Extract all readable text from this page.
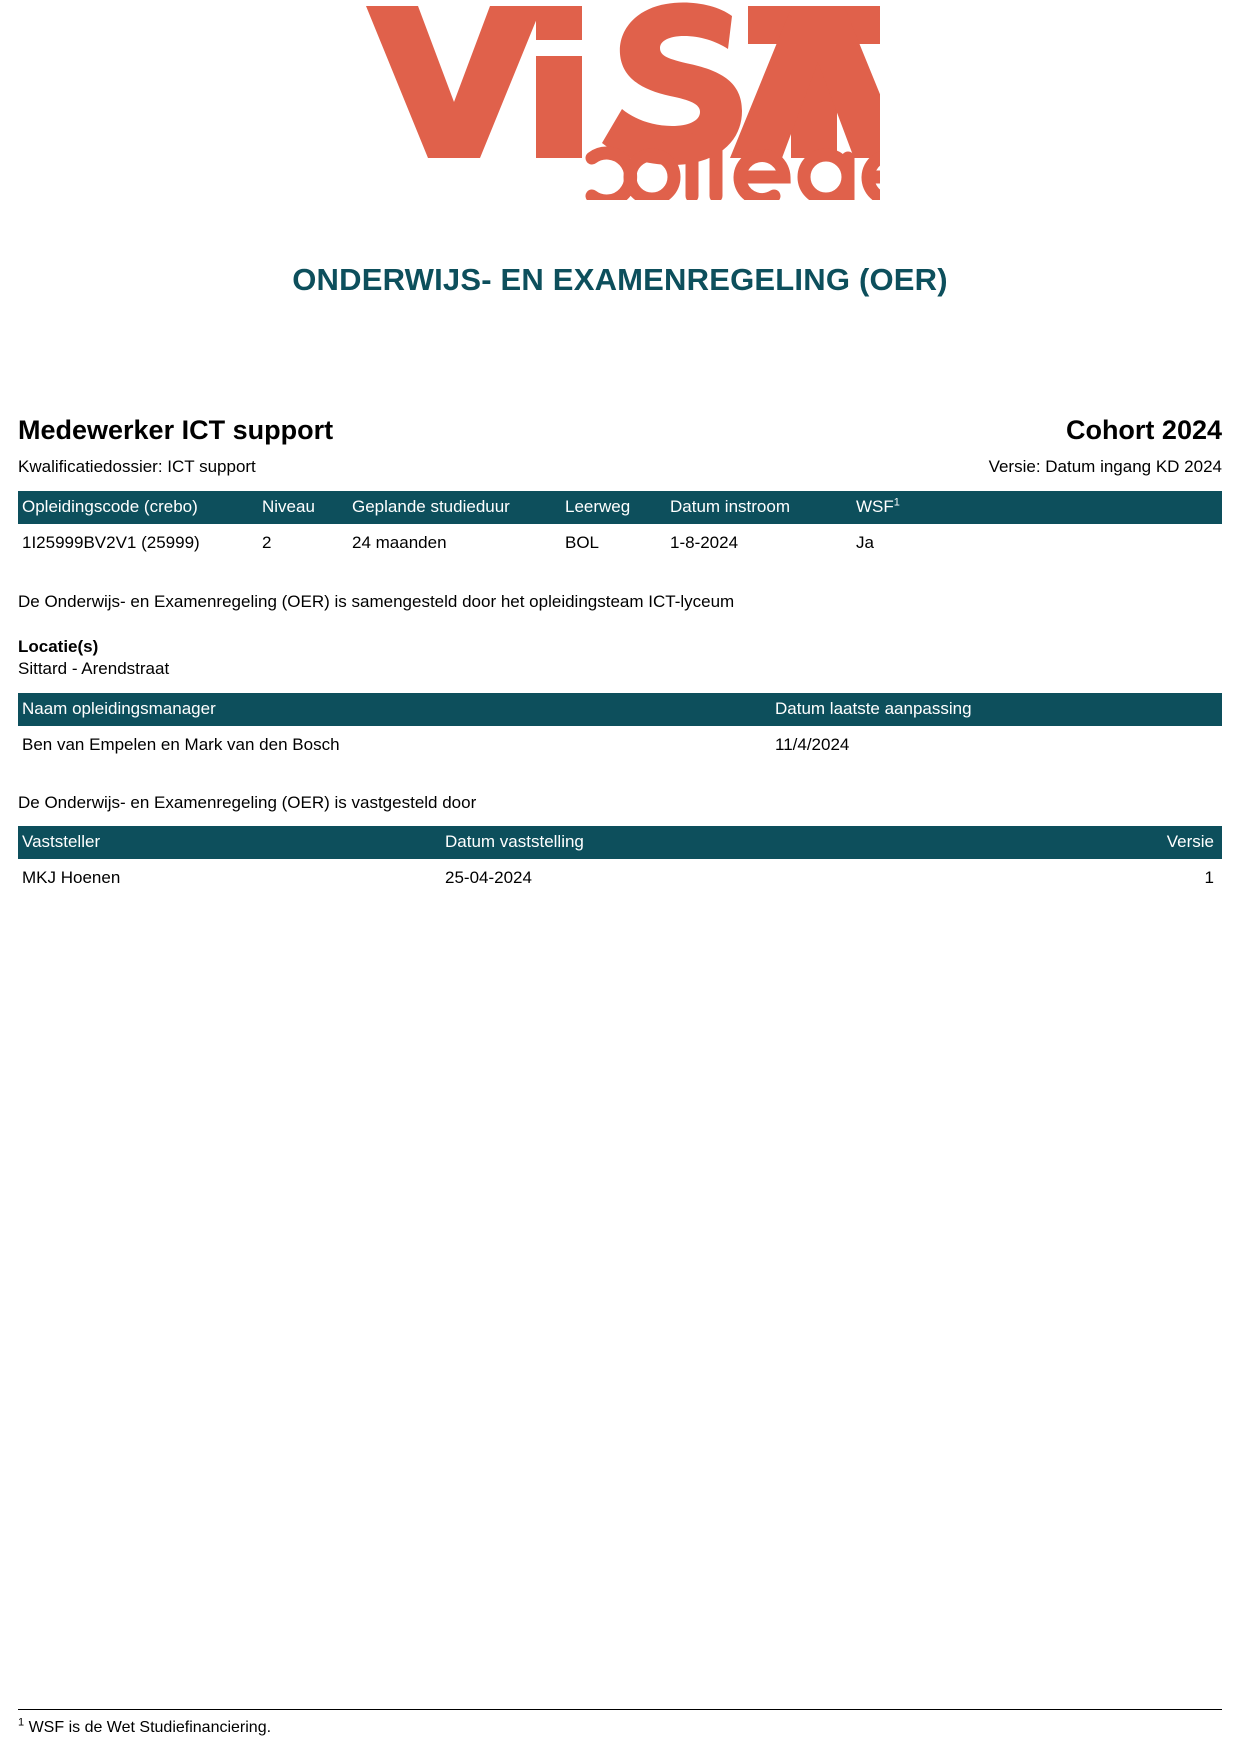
ONDERWIJS- EN EXAMENREGELING (OER)
Medewerker ICT support	Cohort 2024
Kwalificatiedossier: ICT support	Versie: Datum ingang KD 2024
Opleidingscode (crebo)	Niveau	Geplande studieduur	Leerweg	Datum instroom	WSF$^1$
1I25999BV2V1 (25999)	2	24 maanden	BOL	1-8-2024	Ja
De Onderwijs- en Examenregeling (OER) is samengesteld door het opleidingsteam ICT-lyceum
Locatie(s)
Sittard - Arendstraat
Naam opleidingsmanager	Datum laatste aanpassing
Ben van Empelen en Mark van den Bosch	11/4/2024
De Onderwijs- en Examenregeling (OER) is vastgesteld door
Vaststeller	Datum vaststelling	Versie
MKJ Hoenen	25-04-2024	1
$^1$ WSF is de Wet Studiefinanciering.
